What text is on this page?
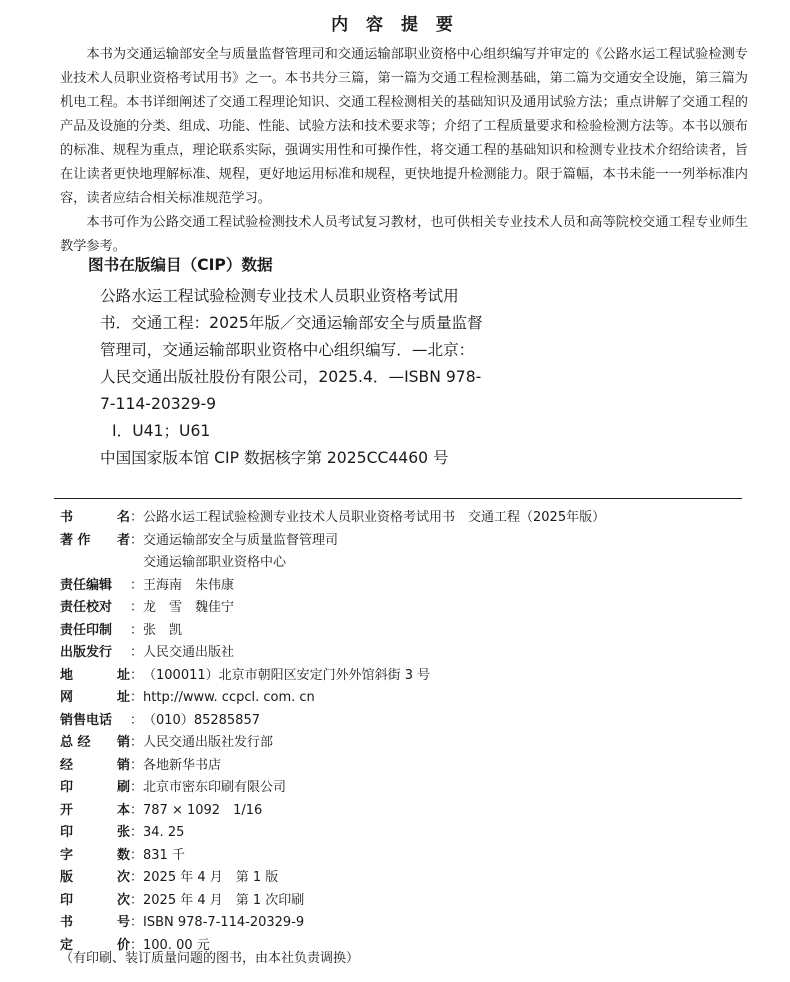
内 容 提 要

本书为交通运输部安全与质量监督管理司和交通运输部职业资格中心组织编写并审定的《公路水运工程试验检测专业技术人员职业资格考试用书》之一。本书共分三篇，第一篇为交通工程检测基础，第二篇为交通安全设施，第三篇为机电工程。本书详细阐述了交通工程理论知识、交通工程检测相关的基础知识及通用试验方法；重点讲解了交通工程的产品及设施的分类、组成、功能、性能、试验方法和技术要求等；介绍了工程质量要求和检验检测方法等。本书以颁布的标准、规程为重点，理论联系实际，强调实用性和可操作性，将交通工程的基础知识和检测专业技术介绍给读者，旨在让读者更快地理解标准、规程，更好地运用标准和规程，更快地提升检测能力。限于篇幅，本书未能一一列举标准内容，读者应结合相关标准规范学习。

本书可作为公路交通工程试验检测技术人员考试复习教材，也可供相关专业技术人员和高等院校交通工程专业师生教学参考。

图书在版编目（CIP）数据
公路水运工程试验检测专业技术人员职业资格考试用书．交通工程：2025年版／交通运输部安全与质量监督管理司，交通运输部职业资格中心组织编写．—北京：人民交通出版社股份有限公司，2025.4．—ISBN 978-7-114-20329-9
Ⅰ．U41；U61
中国国家版本馆 CIP 数据核字第 2025CC4460 号
书	名 ： 公路水运工程试验检测专业技术人员职业资格考试用书　交通工程（2025年版）
著 作 者 ： 交通运输部安全与质量监督管理司
交通运输部职业资格中心
责任编辑	： 王海南　朱伟康
责任校对	： 龙　雪　魏佳宁
责任印制	： 张　凯
出版发行	： 人民交通出版社
地	址 ： （100011）北京市朝阳区安定门外外馆斜街 3 号
网	址 ： http://www. ccpcl. com. cn
销售电话	： （010）85285857
总 经 销 ： 人民交通出版社发行部
经	销 ： 各地新华书店
印	刷 ： 北京市密东印刷有限公司
开	本 ： 787 × 1092　1/16
印	张 ： 34. 25
字	数 ： 831 千
版	次 ： 2025 年 4 月　第 1 版
印	次 ： 2025 年 4 月　第 1 次印刷
书	号 ： ISBN 978-7-114-20329-9
定	价 ： 100. 00 元
（有印刷、装订质量问题的图书，由本社负责调换）
